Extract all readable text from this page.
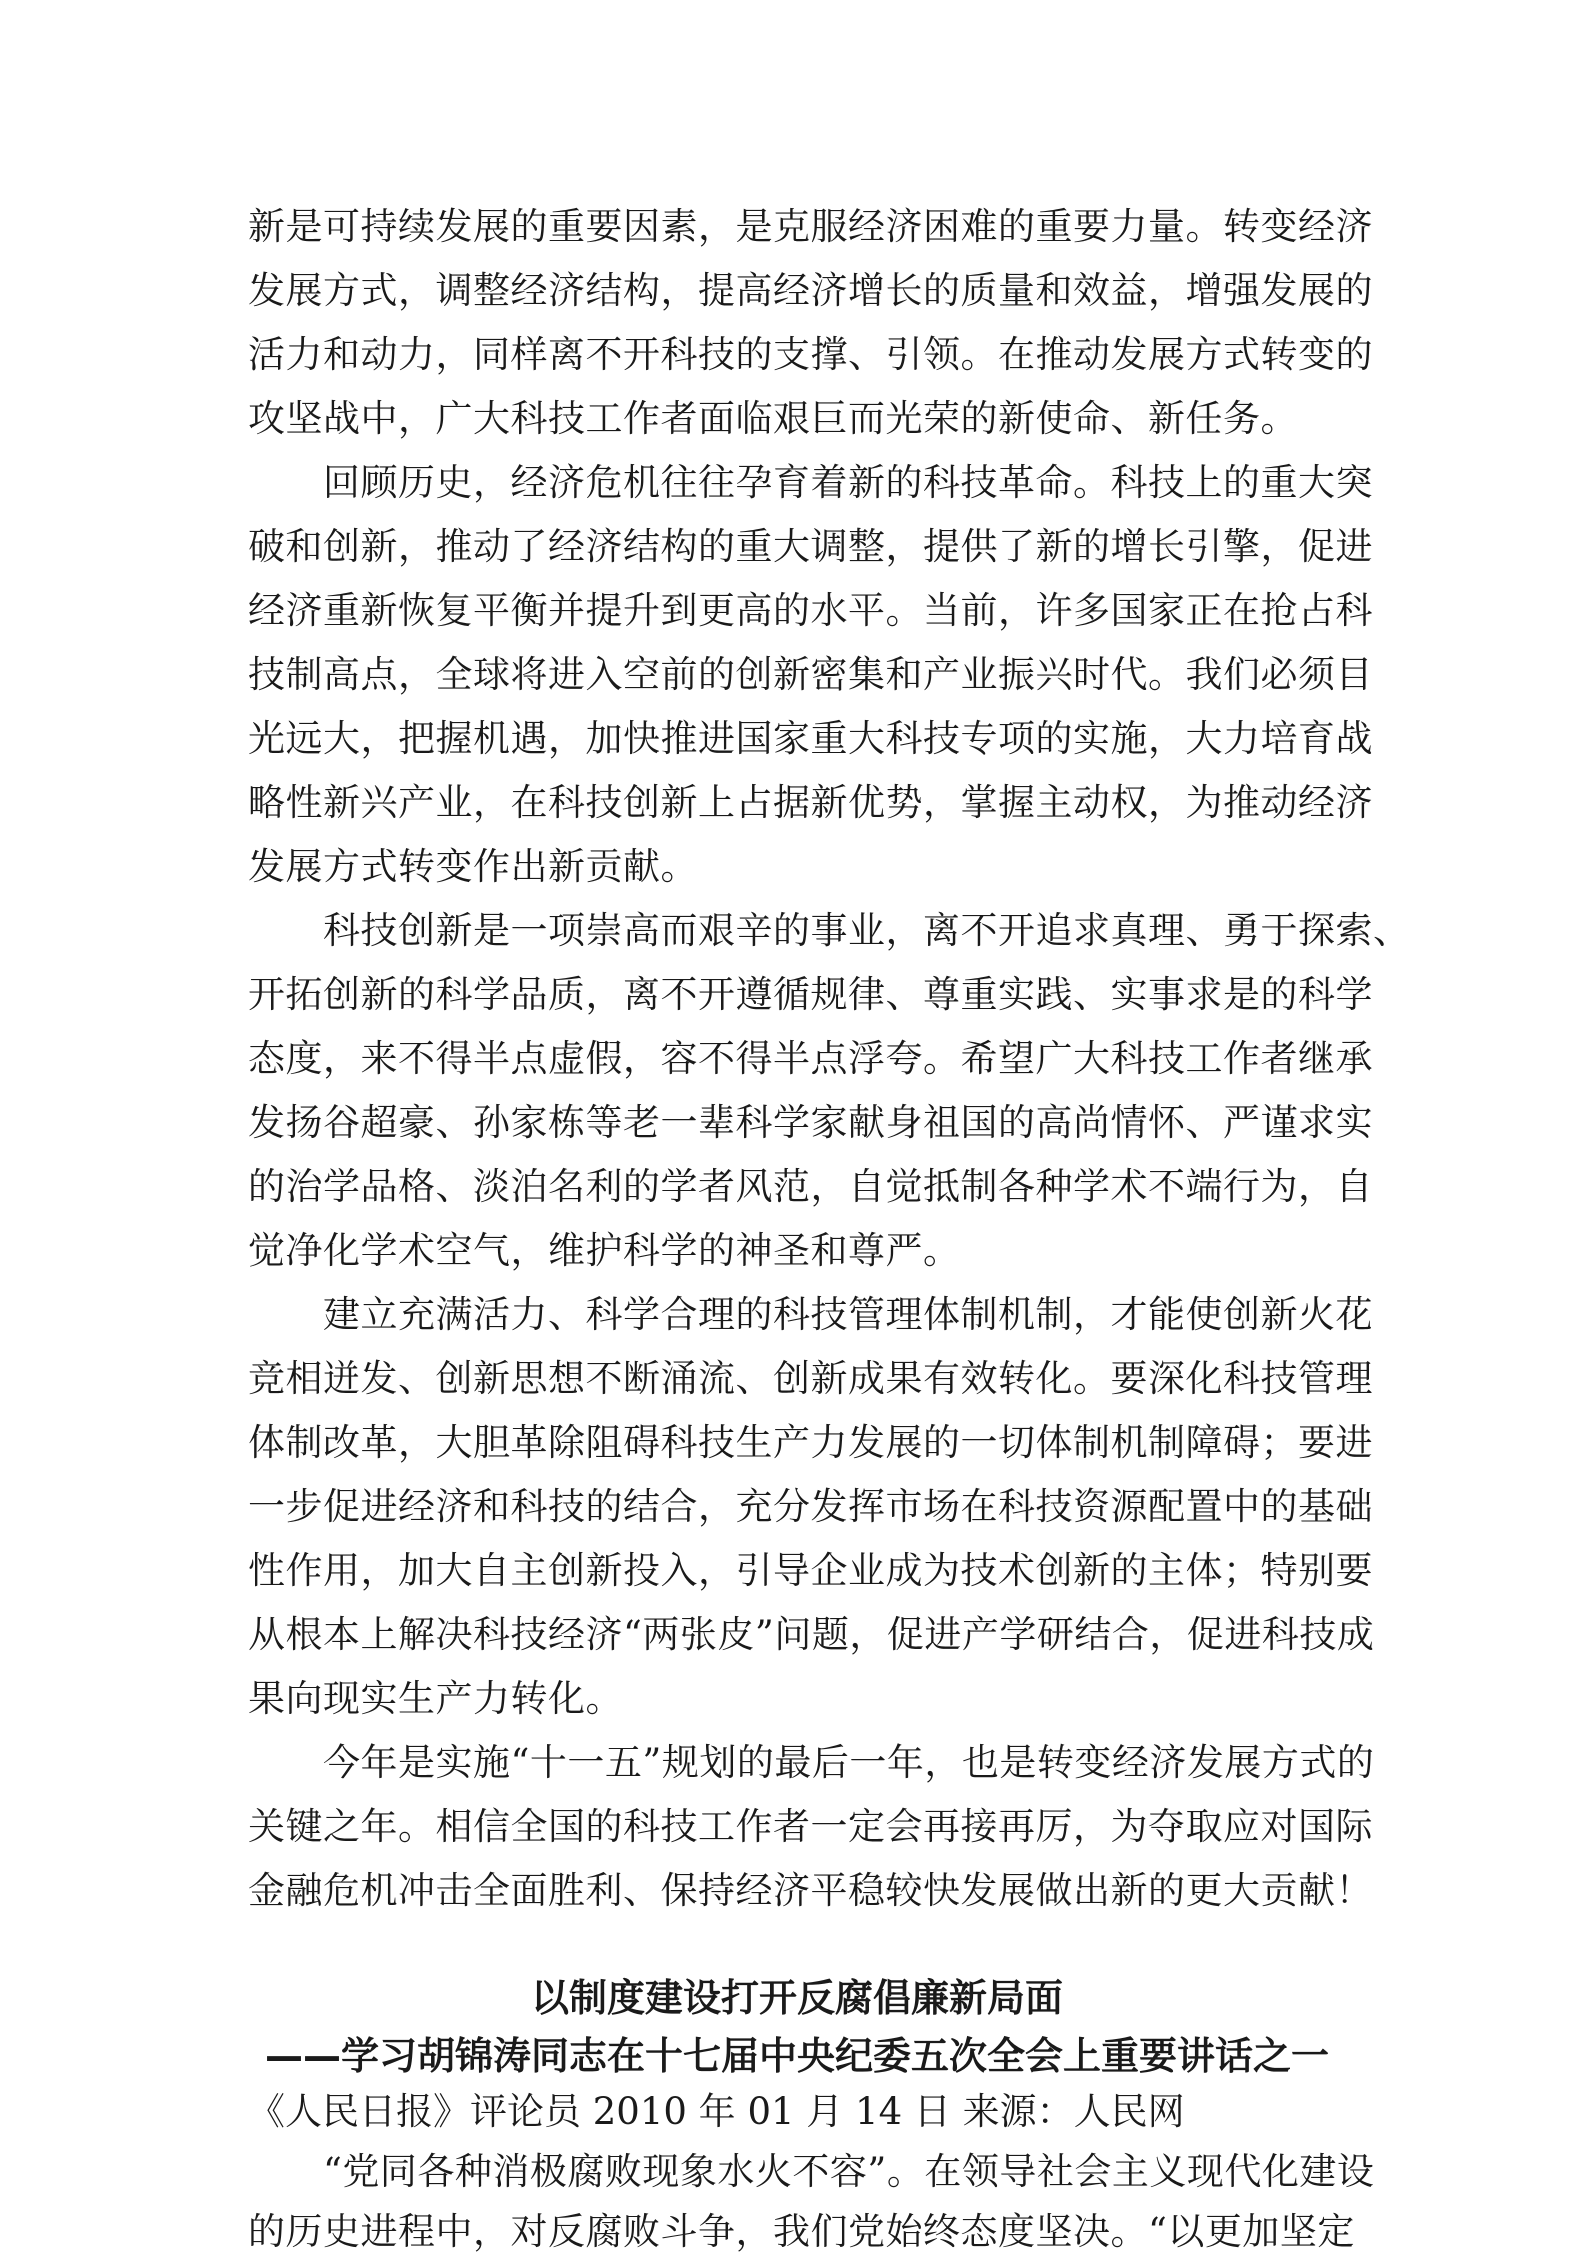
新是可持续发展的重要因素，是克服经济困难的重要力量。转变经济
发展方式，调整经济结构，提高经济增长的质量和效益，增强发展的
活力和动力，同样离不开科技的支撑、引领。在推动发展方式转变的
攻坚战中，广大科技工作者面临艰巨而光荣的新使命、新任务。
回顾历史，经济危机往往孕育着新的科技革命。科技上的重大突
破和创新，推动了经济结构的重大调整，提供了新的增长引擎，促进
经济重新恢复平衡并提升到更高的水平。当前，许多国家正在抢占科
技制高点，全球将进入空前的创新密集和产业振兴时代。我们必须目
光远大，把握机遇，加快推进国家重大科技专项的实施，大力培育战
略性新兴产业，在科技创新上占据新优势，掌握主动权，为推动经济
发展方式转变作出新贡献。
科技创新是一项崇高而艰辛的事业，离不开追求真理、勇于探索、
开拓创新的科学品质，离不开遵循规律、尊重实践、实事求是的科学
态度，来不得半点虚假，容不得半点浮夸。希望广大科技工作者继承
发扬谷超豪、孙家栋等老一辈科学家献身祖国的高尚情怀、严谨求实
的治学品格、淡泊名利的学者风范，自觉抵制各种学术不端行为，自
觉净化学术空气，维护科学的神圣和尊严。
建立充满活力、科学合理的科技管理体制机制，才能使创新火花
竞相迸发、创新思想不断涌流、创新成果有效转化。要深化科技管理
体制改革，大胆革除阻碍科技生产力发展的一切体制机制障碍；要进
一步促进经济和科技的结合，充分发挥市场在科技资源配置中的基础
性作用，加大自主创新投入，引导企业成为技术创新的主体；特别要
从根本上解决科技经济“两张皮”问题，促进产学研结合，促进科技成
果向现实生产力转化。
今年是实施“十一五”规划的最后一年，也是转变经济发展方式的
关键之年。相信全国的科技工作者一定会再接再厉，为夺取应对国际
金融危机冲击全面胜利、保持经济平稳较快发展做出新的更大贡献！
以制度建设打开反腐倡廉新局面
——学习胡锦涛同志在十七届中央纪委五次全会上重要讲话之一
《人民日报》评论员 2010 年 01 月 14 日 来源：人民网
“党同各种消极腐败现象水火不容”。在领导社会主义现代化建设
的历史进程中，对反腐败斗争，我们党始终态度坚决。“以更加坚定
